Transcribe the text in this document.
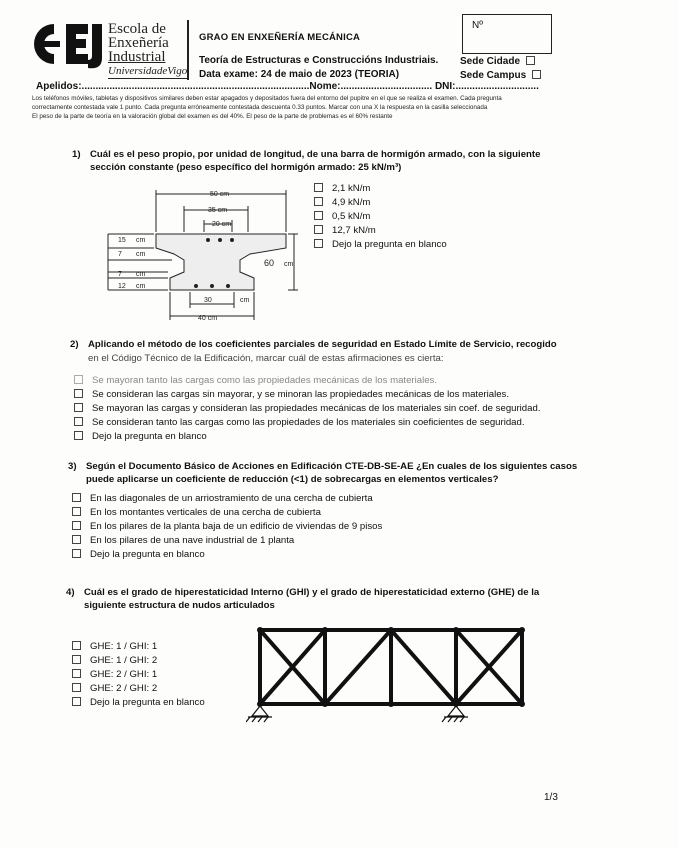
Escola de
Enxeñería
Industrial
UniversidadeVigo
GRAO EN ENXEÑERÍA MECÁNICA
Teoría de Estructuras e Construccións Industriais.
Data exame: 24 de maio de 2023 (TEORIA)
Nº
Sede Cidade
Sede Campus
Apelidos:..................................................................................Nome:................................. DNI:..............................
Los teléfonos móviles, tabletas y dispositivos similares deben estar apagados y depositados fuera del entorno del pupitre en el que se realiza el examen. Cada pregunta
correctamente contestada vale 1 punto. Cada pregunta erróneamente contestada descuenta 0.33 puntos. Marcar con una X la respuesta en la casilla seleccionada
El peso de la parte de teoría en la valoración global del examen es del 40%. El peso de la parte de problemas es el 60% restante
1) Cuál es el peso propio, por unidad de longitud, de una barra de hormigón armado, con la siguiente sección constante (peso específico del hormigón armado: 25 kN/m³)
50 cm
35 cm
20 cm
15 cm
7 cm
7 cm
12 cm
60 cm
30	cm
40 cm
2,1 kN/m
4,9 kN/m
0,5 kN/m
12,7 kN/m
Dejo la pregunta en blanco
2) Aplicando el método de los coeficientes parciales de seguridad en Estado Límite de Servicio, recogido
en el Código Técnico de la Edificación, marcar cuál de estas afirmaciones es cierta:
Se mayoran tanto las cargas como las propiedades mecánicas de los materiales.
Se consideran las cargas sin mayorar, y se minoran las propiedades mecánicas de los materiales.
Se mayoran las cargas y consideran las propiedades mecánicas de los materiales sin coef. de seguridad.
Se consideran tanto las cargas como las propiedades de los materiales sin coeficientes de seguridad.
Dejo la pregunta en blanco
3) Según el Documento Básico de Acciones en Edificación CTE-DB-SE-AE ¿En cuales de los siguientes casos puede aplicarse un coeficiente de reducción (<1) de sobrecargas en elementos verticales?
En las diagonales de un arriostramiento de una cercha de cubierta
En los montantes verticales de una cercha de cubierta
En los pilares de la planta baja de un edificio de viviendas de 9 pisos
En los pilares de una nave industrial de 1 planta
Dejo la pregunta en blanco
4) Cuál es el grado de hiperestaticidad Interno (GHI) y el grado de hiperestaticidad externo (GHE) de la siguiente estructura de nudos articulados
GHE: 1 / GHI: 1
GHE: 1 / GHI: 2
GHE: 2 / GHI: 1
GHE: 2 / GHI: 2
Dejo la pregunta en blanco
1/3
